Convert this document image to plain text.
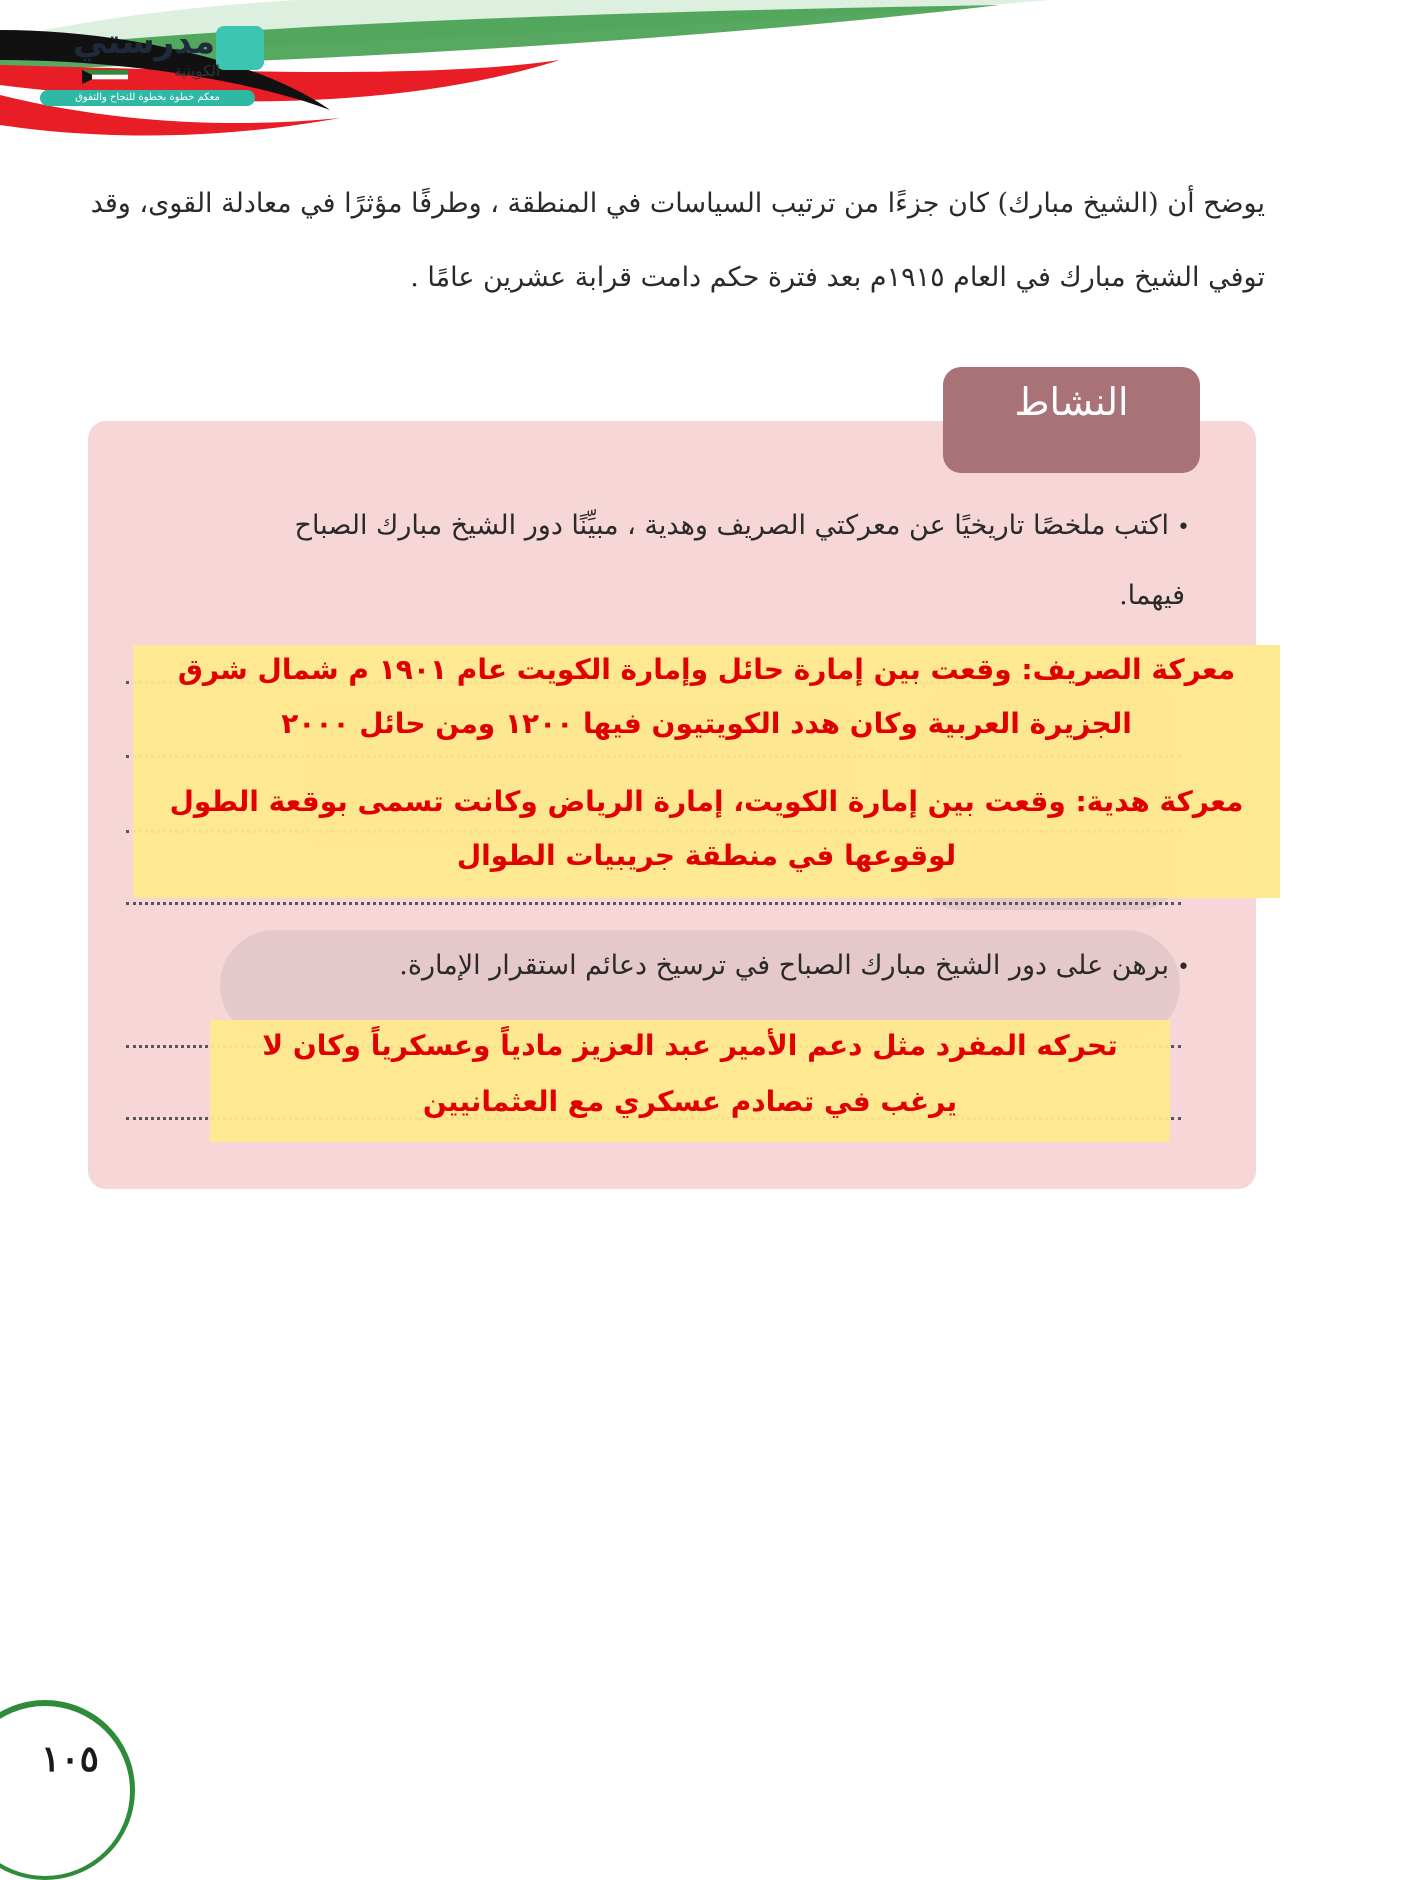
مدرستي
الكويتية
معكم خطوة بخطوة للنجاح والتفوق
يوضح أن (الشيخ مبارك) كان جزءًا من ترتيب السياسات في المنطقة ، وطرفًا مؤثرًا في معادلة القوى، وقد
توفي الشيخ مبارك في العام ١٩١٥م بعد فترة حكم دامت قرابة عشرين عامًا .
النشاط
•اكتب ملخصًا تاريخيًا عن معركتي الصريف وهدية ، مبيِّنًا دور الشيخ مبارك الصباح
فيهما.
معركة الصريف: وقعت بين إمارة حائل وإمارة الكويت عام ١٩٠١ م شمال شرق
الجزيرة العربية وكان هدد الكويتيون فيها ١٢٠٠ ومن حائل ٢٠٠٠
معركة هدية: وقعت بين إمارة الكويت، إمارة الرياض وكانت تسمى بوقعة الطول
لوقوعها في منطقة جريبيات الطوال
•برهن على دور الشيخ مبارك الصباح في ترسيخ دعائم استقرار الإمارة.
تحركه المفرد مثل دعم الأمير عبد العزيز مادياً وعسكرياً وكان لا
يرغب في تصادم عسكري مع العثمانيين
١٠٥
